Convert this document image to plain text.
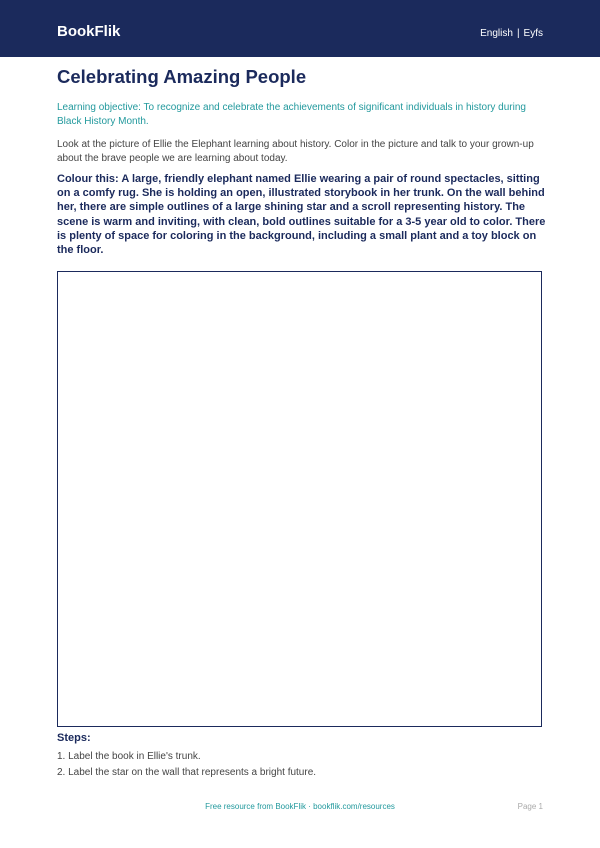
BookFlik	English | Eyfs
Celebrating Amazing People

Learning objective: To recognize and celebrate the achievements of significant individuals in history during Black History Month.

Look at the picture of Ellie the Elephant learning about history. Color in the picture and talk to your grown-up about the brave people we are learning about today.

Colour this: A large, friendly elephant named Ellie wearing a pair of round spectacles, sitting on a comfy rug. She is holding an open, illustrated storybook in her trunk. On the wall behind her, there are simple outlines of a large shining star and a scroll representing history. The scene is warm and inviting, with clean, bold outlines suitable for a 3-5 year old to color. There is plenty of space for coloring in the background, including a small plant and a toy block on the floor.

Steps:
1. Label the book in Ellie's trunk.
2. Label the star on the wall that represents a bright future.
Free resource from BookFlik · bookflik.com/resources	Page 1
